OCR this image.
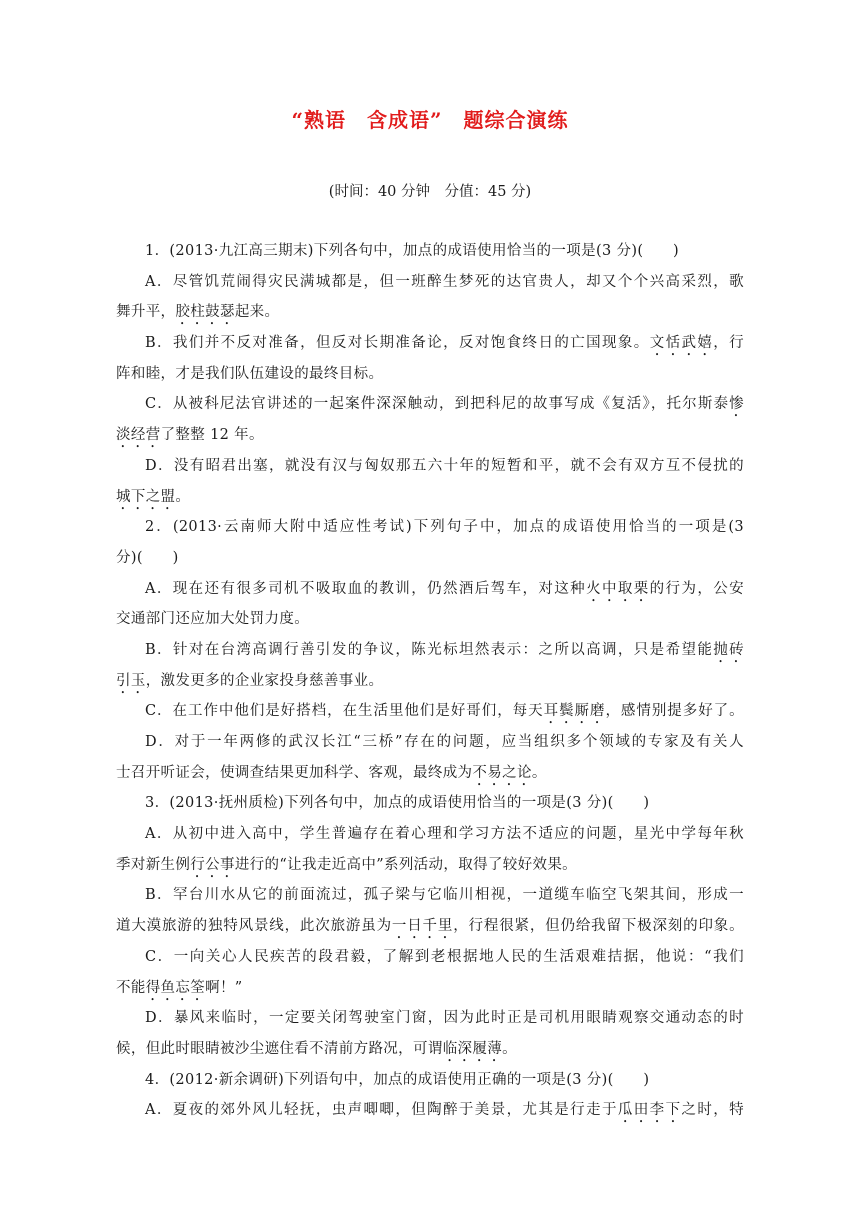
“熟语　 含成语”　 题综合演练
(时间：40 分钟　分值：45 分)
1．(2013·九江高三期末)下列各句中，加点的成语使用恰当的一项是(3 分)(　　)
A．尽管饥荒闹得灾民满城都是，但一班醉生梦死的达官贵人，却又个个兴高采烈，歌
舞升平，胶柱鼓瑟起来。
B．我们并不反对准备，但反对长期准备论，反对饱食终日的亡国现象。文恬武嬉，行
阵和睦，才是我们队伍建设的最终目标。
C．从被科尼法官讲述的一起案件深深触动，到把科尼的故事写成《复活》，托尔斯泰惨
淡经营了整整 12 年。
D．没有昭君出塞，就没有汉与匈奴那五六十年的短暂和平，就不会有双方互不侵扰的
城下之盟。
2．(2013·云南师大附中适应性考试)下列句子中，加点的成语使用恰当的一项是(3
分)(　　)
A．现在还有很多司机不吸取血的教训，仍然酒后驾车，对这种火中取栗的行为，公安
交通部门还应加大处罚力度。
B．针对在台湾高调行善引发的争议，陈光标坦然表示：之所以高调，只是希望能抛砖
引玉，激发更多的企业家投身慈善事业。
C．在工作中他们是好搭档，在生活里他们是好哥们，每天耳鬓厮磨，感情别提多好了。
D．对于一年两修的武汉长江“三桥”存在的问题，应当组织多个领域的专家及有关人
士召开听证会，使调查结果更加科学、客观，最终成为不易之论。
3．(2013·抚州质检)下列各句中，加点的成语使用恰当的一项是(3 分)(　　)
A．从初中进入高中，学生普遍存在着心理和学习方法不适应的问题，星光中学每年秋
季对新生例行公事进行的“让我走近高中”系列活动，取得了较好效果。
B．罕台川水从它的前面流过，孤子梁与它临川相视，一道缆车临空飞架其间，形成一
道大漠旅游的独特风景线，此次旅游虽为一日千里，行程很紧，但仍给我留下极深刻的印象。
C．一向关心人民疾苦的段君毅，了解到老根据地人民的生活艰难拮据，他说：“我们
不能得鱼忘筌啊！”
D．暴风来临时，一定要关闭驾驶室门窗，因为此时正是司机用眼睛观察交通动态的时
候，但此时眼睛被沙尘遮住看不清前方路况，可谓临深履薄。
4．(2012·新余调研)下列语句中，加点的成语使用正确的一项是(3 分)(　　)
A．夏夜的郊外风儿轻抚，虫声唧唧，但陶醉于美景，尤其是行走于瓜田李下之时，特
